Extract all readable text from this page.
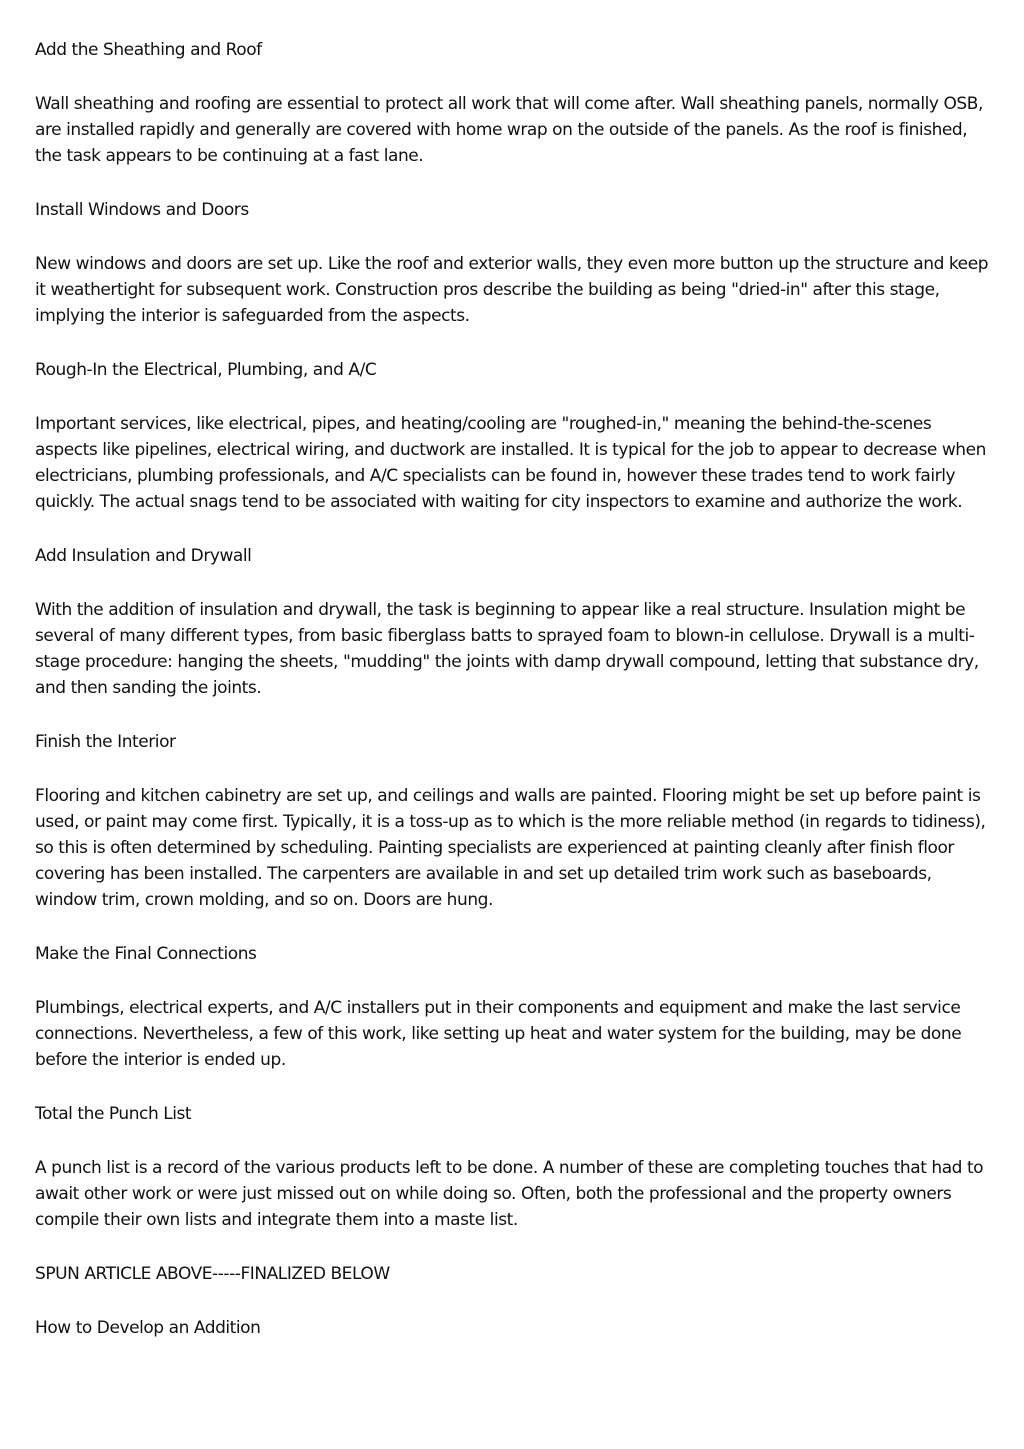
Add the Sheathing and Roof

Wall sheathing and roofing are essential to protect all work that will come after. Wall sheathing panels, normally OSB, are installed rapidly and generally are covered with home wrap on the outside of the panels. As the roof is finished, the task appears to be continuing at a fast lane.

Install Windows and Doors

New windows and doors are set up. Like the roof and exterior walls, they even more button up the structure and keep it weathertight for subsequent work. Construction pros describe the building as being "dried-in" after this stage, implying the interior is safeguarded from the aspects.

Rough-In the Electrical, Plumbing, and A/C

Important services, like electrical, pipes, and heating/cooling are "roughed-in," meaning the behind-the-scenes aspects like pipelines, electrical wiring, and ductwork are installed. It is typical for the job to appear to decrease when electricians, plumbing professionals, and A/C specialists can be found in, however these trades tend to work fairly quickly. The actual snags tend to be associated with waiting for city inspectors to examine and authorize the work.

Add Insulation and Drywall

With the addition of insulation and drywall, the task is beginning to appear like a real structure. Insulation might be several of many different types, from basic fiberglass batts to sprayed foam to blown-in cellulose. Drywall is a multi-stage procedure: hanging the sheets, "mudding" the joints with damp drywall compound, letting that substance dry, and then sanding the joints.

Finish the Interior

Flooring and kitchen cabinetry are set up, and ceilings and walls are painted. Flooring might be set up before paint is used, or paint may come first. Typically, it is a toss-up as to which is the more reliable method (in regards to tidiness), so this is often determined by scheduling. Painting specialists are experienced at painting cleanly after finish floor covering has been installed. The carpenters are available in and set up detailed trim work such as baseboards, window trim, crown molding, and so on. Doors are hung.

Make the Final Connections

Plumbings, electrical experts, and A/C installers put in their components and equipment and make the last service connections. Nevertheless, a few of this work, like setting up heat and water system for the building, may be done before the interior is ended up.

Total the Punch List

A punch list is a record of the various products left to be done. A number of these are completing touches that had to await other work or were just missed out on while doing so. Often, both the professional and the property owners compile their own lists and integrate them into a maste list.

SPUN ARTICLE ABOVE-----FINALIZED BELOW

How to Develop an Addition
